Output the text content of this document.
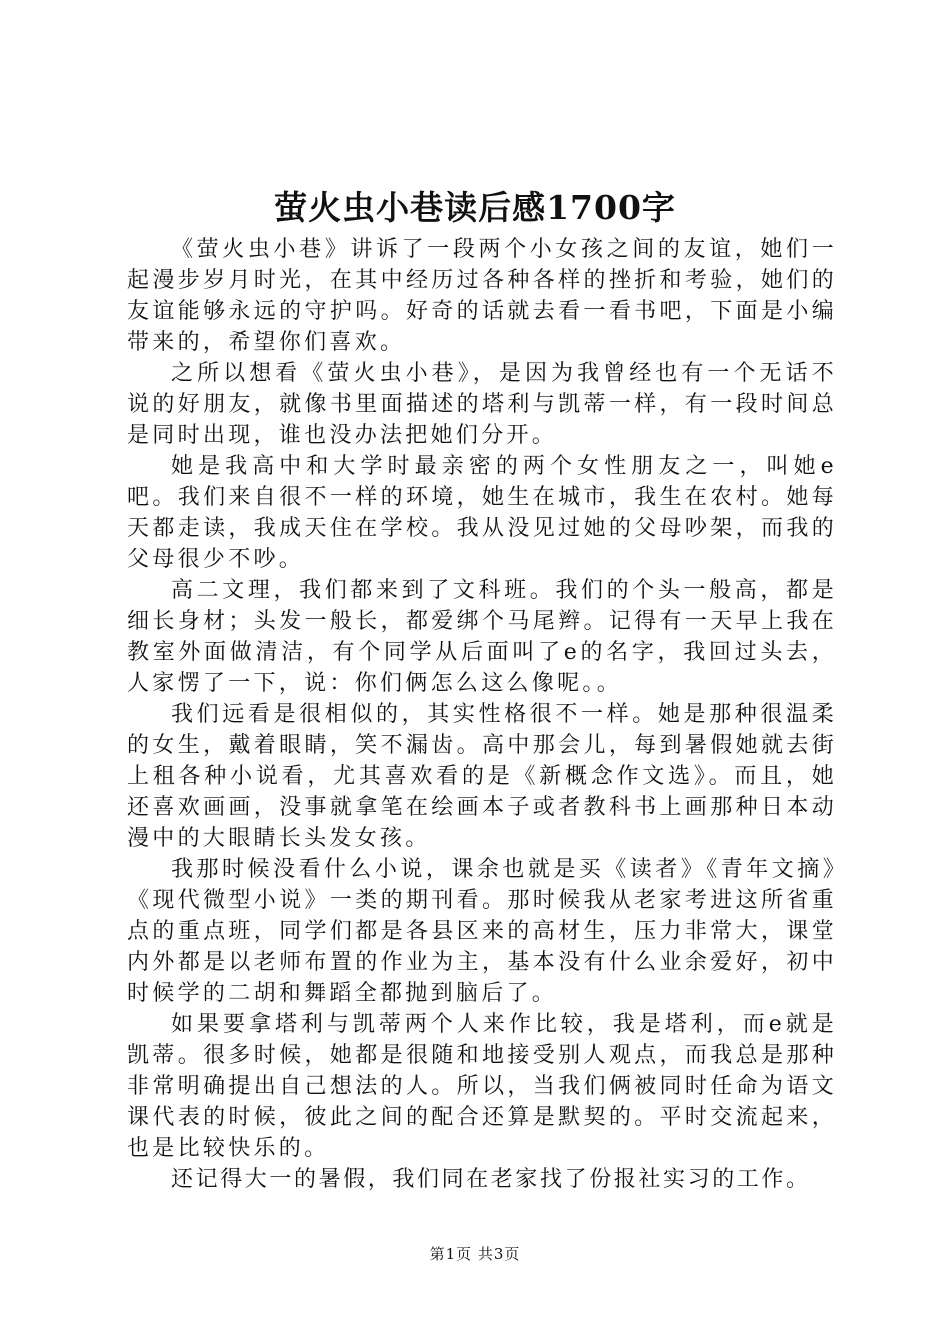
萤火虫小巷读后感1700字

《萤火虫小巷》讲诉了一段两个小女孩之间的友谊，她们一起漫步岁月时光，在其中经历过各种各样的挫折和考验，她们的友谊能够永远的守护吗。好奇的话就去看一看书吧，下面是小编带来的，希望你们喜欢。

之所以想看《萤火虫小巷》，是因为我曾经也有一个无话不说的好朋友，就像书里面描述的塔利与凯蒂一样，有一段时间总是同时出现，谁也没办法把她们分开。

她是我高中和大学时最亲密的两个女性朋友之一，叫她e吧。我们来自很不一样的环境，她生在城市，我生在农村。她每天都走读，我成天住在学校。我从没见过她的父母吵架，而我的父母很少不吵。

高二文理，我们都来到了文科班。我们的个头一般高，都是细长身材；头发一般长，都爱绑个马尾辫。记得有一天早上我在教室外面做清洁，有个同学从后面叫了e的名字，我回过头去，人家愣了一下，说：你们俩怎么这么像呢。。

我们远看是很相似的，其实性格很不一样。她是那种很温柔的女生，戴着眼睛，笑不漏齿。高中那会儿，每到暑假她就去街上租各种小说看，尤其喜欢看的是《新概念作文选》。而且，她还喜欢画画，没事就拿笔在绘画本子或者教科书上画那种日本动漫中的大眼睛长头发女孩。

我那时候没看什么小说，课余也就是买《读者》《青年文摘》《现代微型小说》一类的期刊看。那时候我从老家考进这所省重点的重点班，同学们都是各县区来的高材生，压力非常大，课堂内外都是以老师布置的作业为主，基本没有什么业余爱好，初中时候学的二胡和舞蹈全都抛到脑后了。

如果要拿塔利与凯蒂两个人来作比较，我是塔利，而e就是凯蒂。很多时候，她都是很随和地接受别人观点，而我总是那种非常明确提出自己想法的人。所以，当我们俩被同时任命为语文课代表的时候，彼此之间的配合还算是默契的。平时交流起来，也是比较快乐的。

还记得大一的暑假，我们同在老家找了份报社实习的工作。

第1页 共3页
